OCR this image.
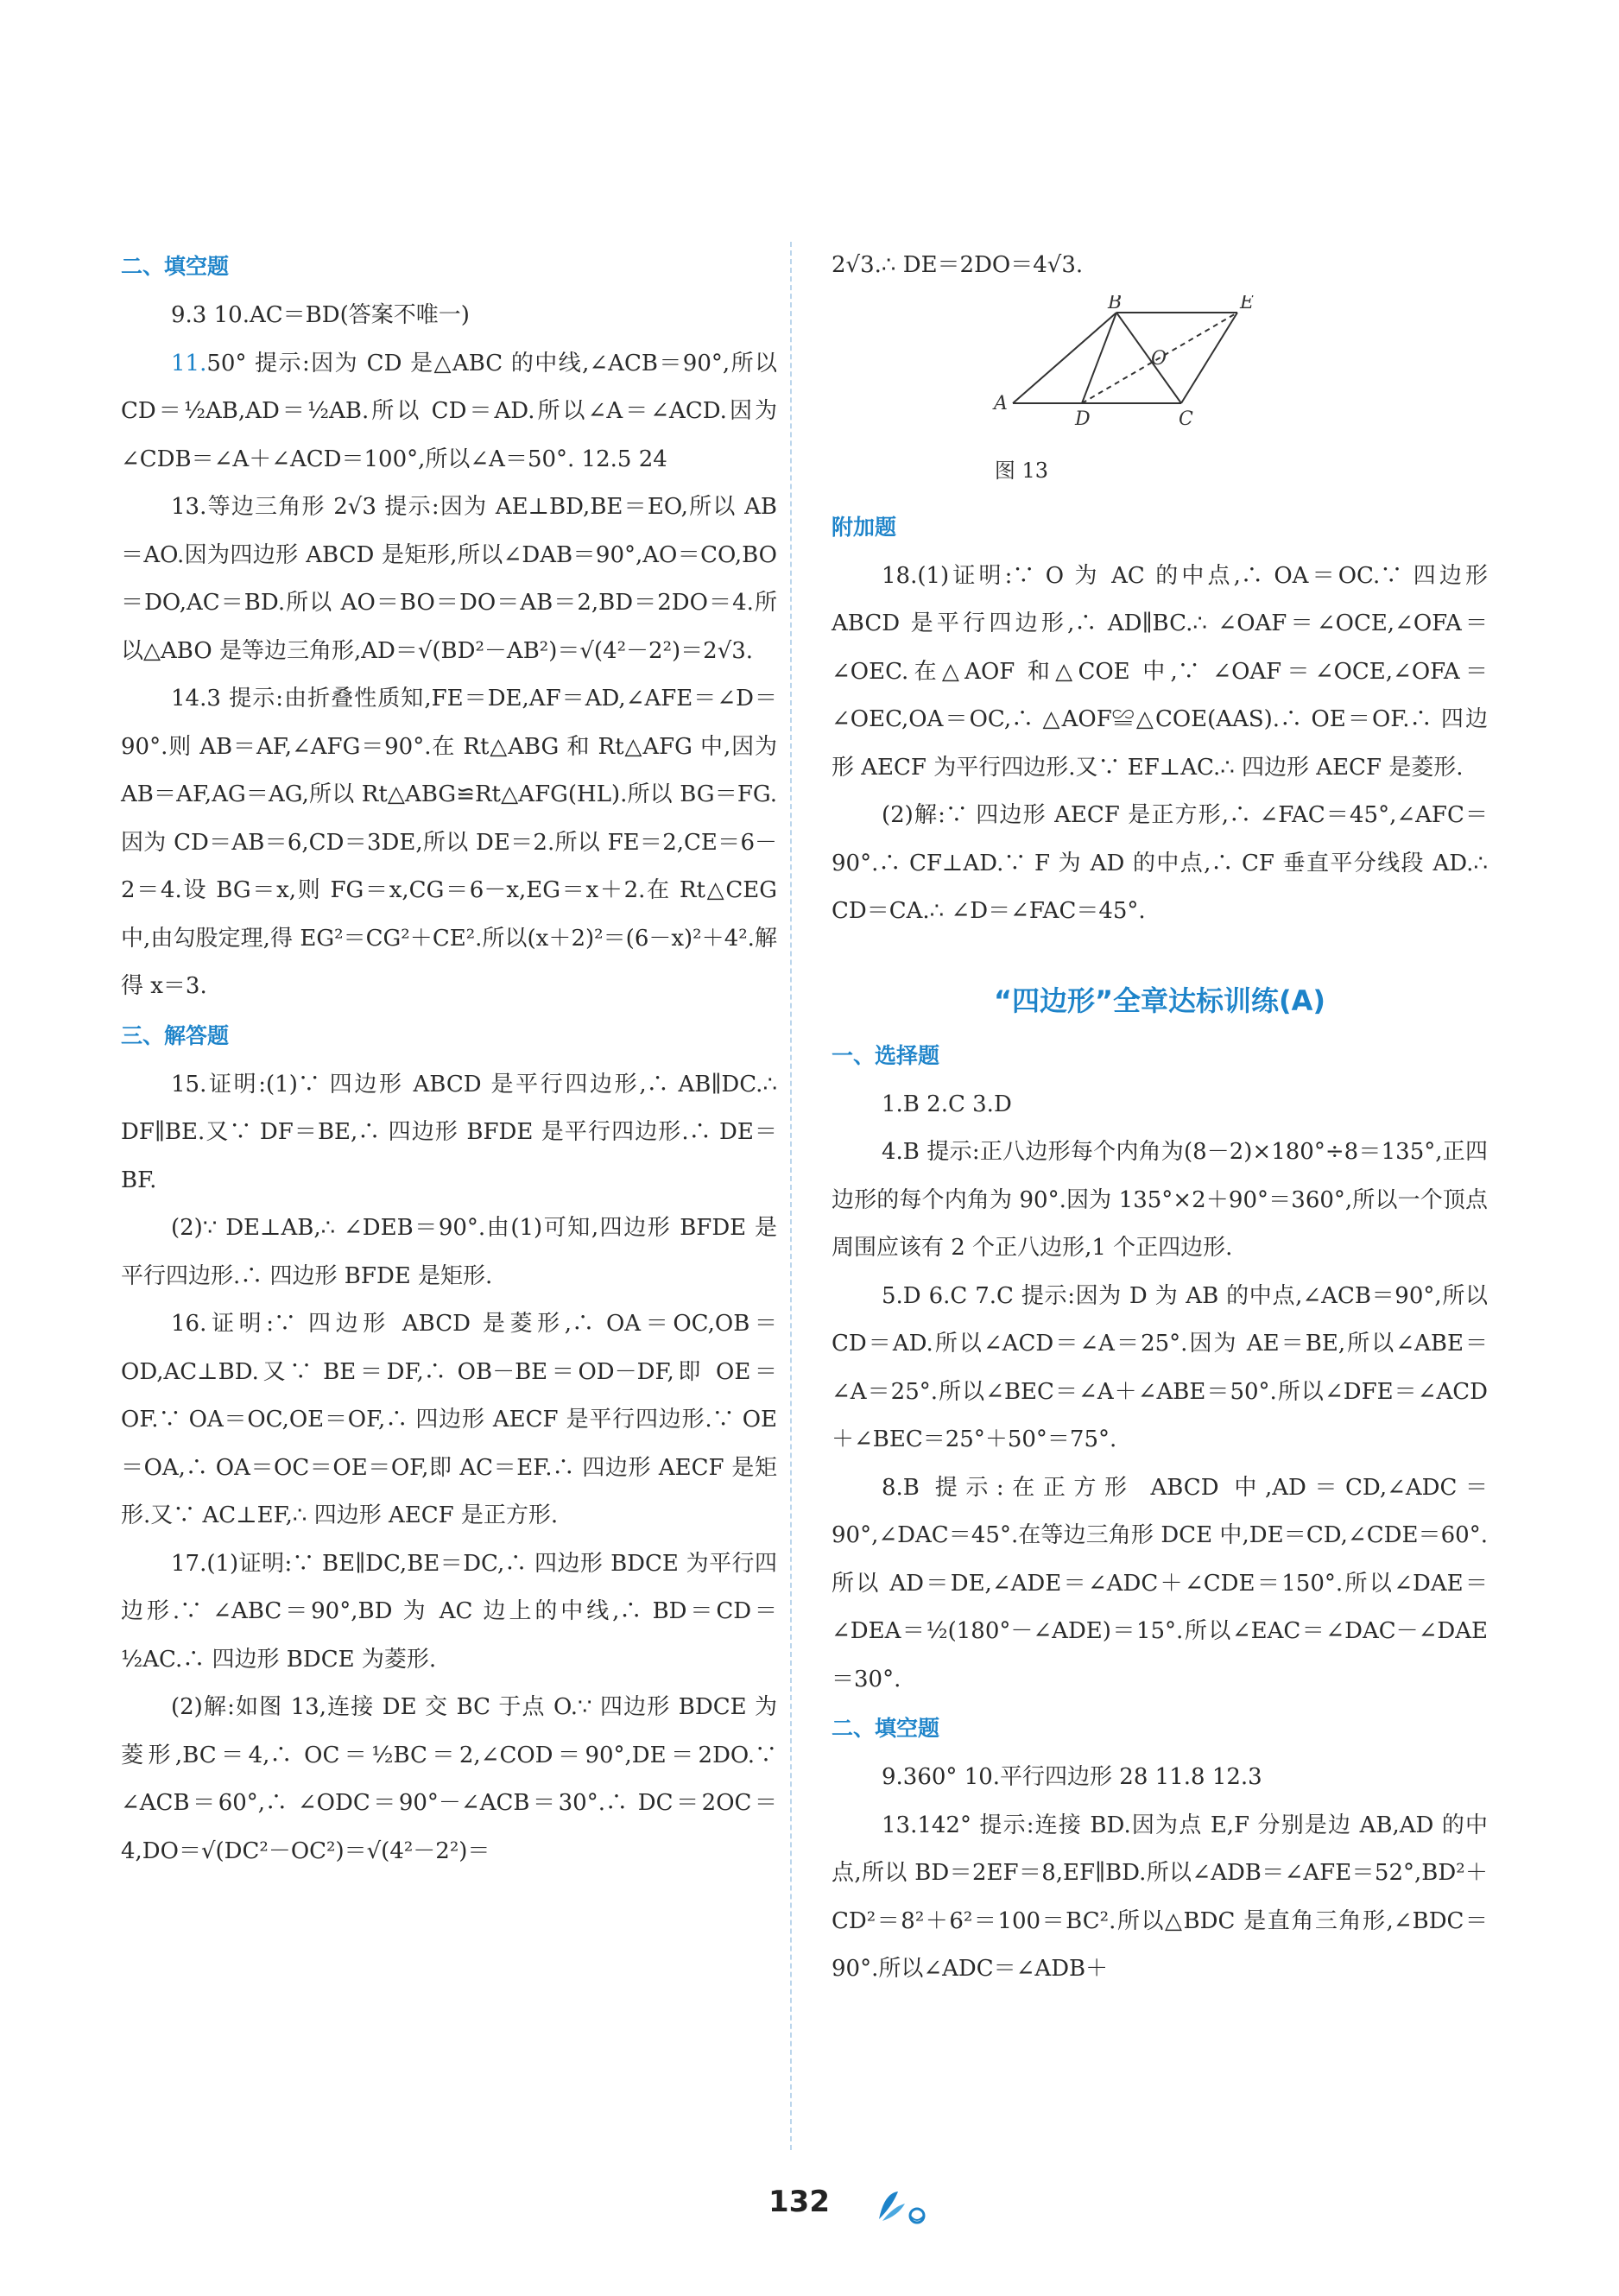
二、填空题

9.3 10.AC＝BD(答案不唯一)

11.50° 提示:因为 CD 是△ABC 的中线,∠ACB＝90°,所以 CD＝½AB,AD＝½AB.所以 CD＝AD.所以∠A＝∠ACD.因为∠CDB＝∠A＋∠ACD＝100°,所以∠A＝50°. 12.5 24

13.等边三角形 2√3 提示:因为 AE⊥BD,BE＝EO,所以 AB＝AO.因为四边形 ABCD 是矩形,所以∠DAB＝90°,AO＝CO,BO＝DO,AC＝BD.所以 AO＝BO＝DO＝AB＝2,BD＝2DO＝4.所以△ABO 是等边三角形,AD＝√(BD²－AB²)＝√(4²－2²)＝2√3.

14.3 提示:由折叠性质知,FE＝DE,AF＝AD,∠AFE＝∠D＝90°.则 AB＝AF,∠AFG＝90°.在 Rt△ABG 和 Rt△AFG 中,因为 AB＝AF,AG＝AG,所以 Rt△ABG≌Rt△AFG(HL).所以 BG＝FG.因为 CD＝AB＝6,CD＝3DE,所以 DE＝2.所以 FE＝2,CE＝6－2＝4.设 BG＝x,则 FG＝x,CG＝6－x,EG＝x＋2.在 Rt△CEG 中,由勾股定理,得 EG²＝CG²＋CE².所以(x＋2)²＝(6－x)²＋4².解得 x＝3.

三、解答题

15.证明:(1)∵ 四边形 ABCD 是平行四边形,∴ AB∥DC.∴ DF∥BE.又∵ DF＝BE,∴ 四边形 BFDE 是平行四边形.∴ DE＝BF.

(2)∵ DE⊥AB,∴ ∠DEB＝90°.由(1)可知,四边形 BFDE 是平行四边形.∴ 四边形 BFDE 是矩形.

16.证明:∵ 四边形 ABCD 是菱形,∴ OA＝OC,OB＝OD,AC⊥BD.又∵ BE＝DF,∴ OB－BE＝OD－DF,即 OE＝OF.∵ OA＝OC,OE＝OF,∴ 四边形 AECF 是平行四边形.∵ OE＝OA,∴ OA＝OC＝OE＝OF,即 AC＝EF.∴ 四边形 AECF 是矩形.又∵ AC⊥EF,∴ 四边形 AECF 是正方形.

17.(1)证明:∵ BE∥DC,BE＝DC,∴ 四边形 BDCE 为平行四边形.∵ ∠ABC＝90°,BD 为 AC 边上的中线,∴ BD＝CD＝½AC.∴ 四边形 BDCE 为菱形.

(2)解:如图 13,连接 DE 交 BC 于点 O.∵ 四边形 BDCE 为菱形,BC＝4,∴ OC＝½BC＝2,∠COD＝90°,DE＝2DO.∵ ∠ACB＝60°,∴ ∠ODC＝90°－∠ACB＝30°.∴ DC＝2OC＝4,DO＝√(DC²－OC²)＝√(4²－2²)＝

2√3.∴ DE＝2DO＝4√3.

B	E
O
A
D	C
图 13
附加题

18.(1)证明:∵ O 为 AC 的中点,∴ OA＝OC.∵ 四边形 ABCD 是平行四边形,∴ AD∥BC.∴ ∠OAF＝∠OCE,∠OFA＝∠OEC.在△AOF 和△COE 中,∵ ∠OAF＝∠OCE,∠OFA＝∠OEC,OA＝OC,∴ △AOF≌△COE(AAS).∴ OE＝OF.∴ 四边形 AECF 为平行四边形.又∵ EF⊥AC.∴ 四边形 AECF 是菱形.

(2)解:∵ 四边形 AECF 是正方形,∴ ∠FAC＝45°,∠AFC＝90°.∴ CF⊥AD.∵ F 为 AD 的中点,∴ CF 垂直平分线段 AD.∴ CD＝CA.∴ ∠D＝∠FAC＝45°.

“四边形”全章达标训练(A)
一、选择题

1.B 2.C 3.D

4.B 提示:正八边形每个内角为(8－2)×180°÷8＝135°,正四边形的每个内角为 90°.因为 135°×2＋90°＝360°,所以一个顶点周围应该有 2 个正八边形,1 个正四边形.

5.D 6.C 7.C 提示:因为 D 为 AB 的中点,∠ACB＝90°,所以 CD＝AD.所以∠ACD＝∠A＝25°.因为 AE＝BE,所以∠ABE＝∠A＝25°.所以∠BEC＝∠A＋∠ABE＝50°.所以∠DFE＝∠ACD＋∠BEC＝25°＋50°＝75°.

8.B 提示:在正方形 ABCD 中,AD＝CD,∠ADC＝90°,∠DAC＝45°.在等边三角形 DCE 中,DE＝CD,∠CDE＝60°.所以 AD＝DE,∠ADE＝∠ADC＋∠CDE＝150°.所以∠DAE＝∠DEA＝½(180°－∠ADE)＝15°.所以∠EAC＝∠DAC－∠DAE＝30°.

二、填空题

9.360° 10.平行四边形 28 11.8 12.3

13.142° 提示:连接 BD.因为点 E,F 分别是边 AB,AD 的中点,所以 BD＝2EF＝8,EF∥BD.所以∠ADB＝∠AFE＝52°,BD²＋CD²＝8²＋6²＝100＝BC².所以△BDC 是直角三角形,∠BDC＝90°.所以∠ADC＝∠ADB＋

132
